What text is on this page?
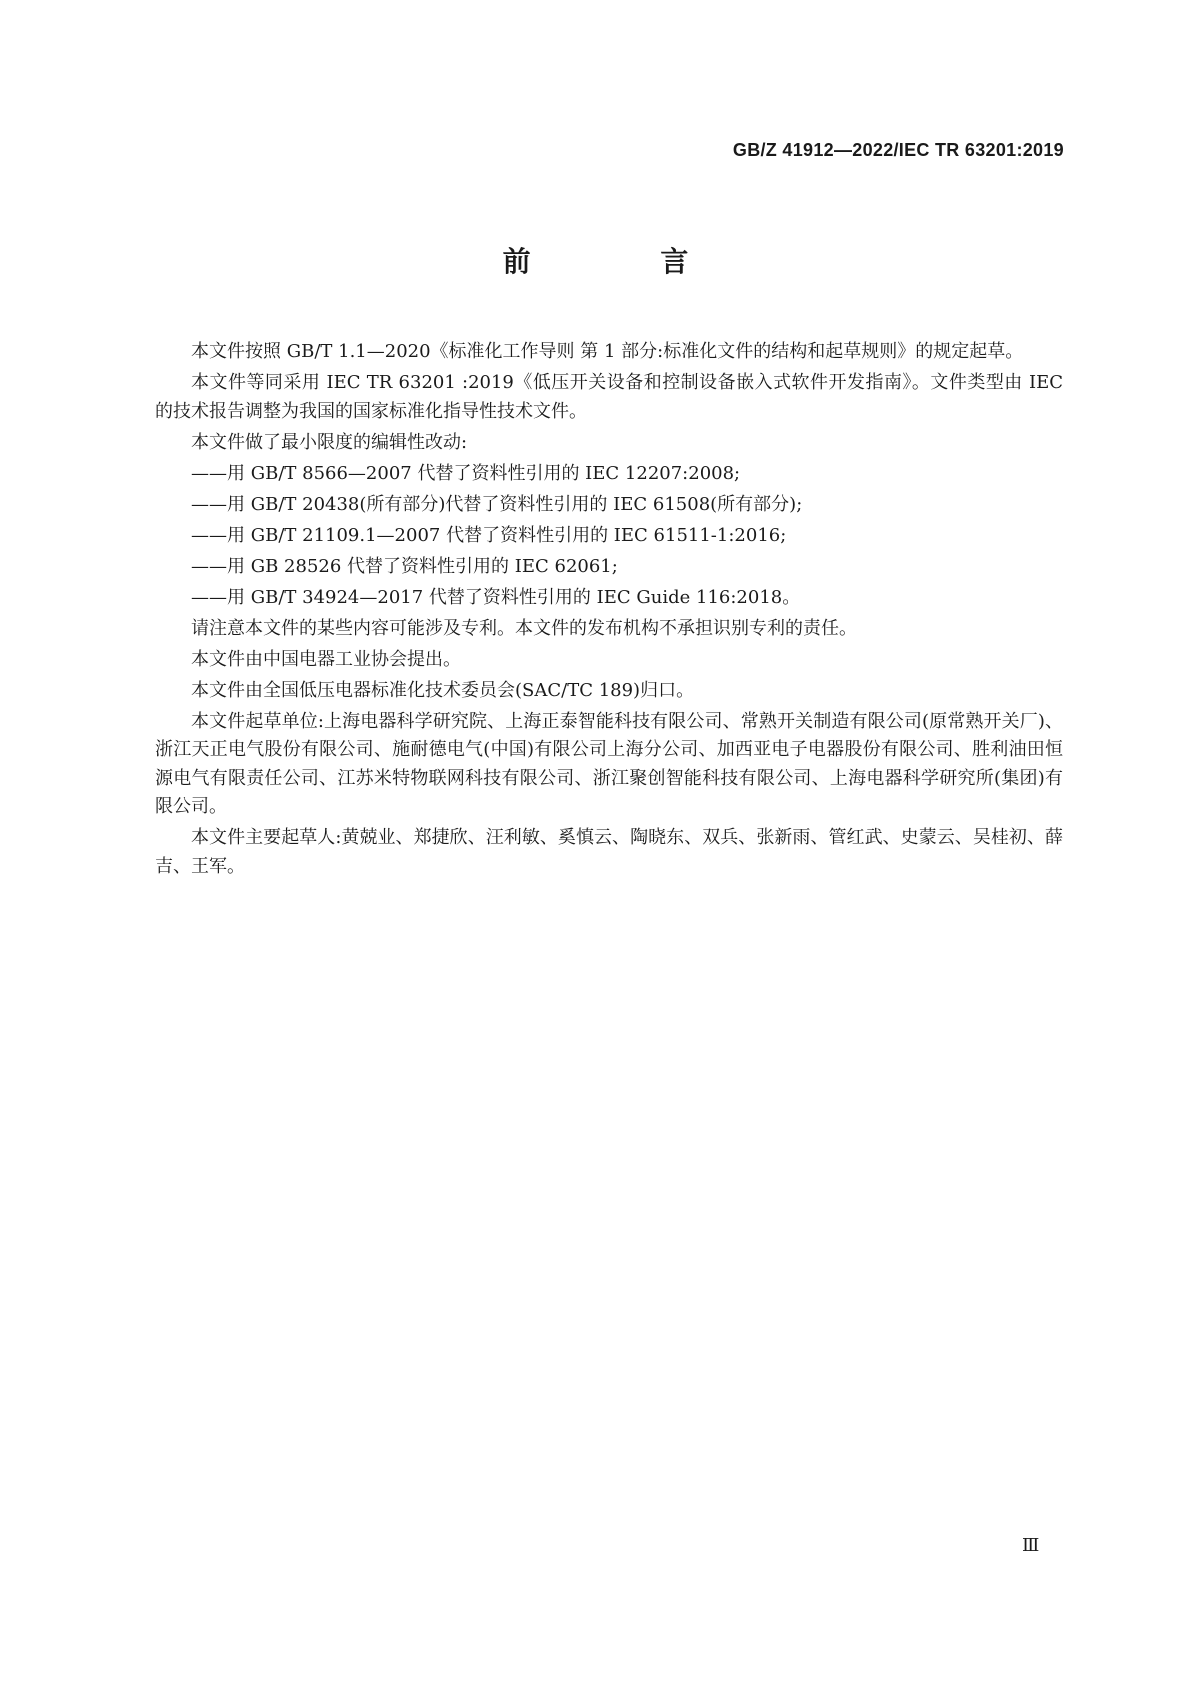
GB/Z 41912—2022/IEC TR 63201:2019
前 言

本文件按照 GB/T 1.1—2020《标准化工作导则 第 1 部分:标准化文件的结构和起草规则》的规定起草。

本文件等同采用 IEC TR 63201 :2019《低压开关设备和控制设备嵌入式软件开发指南》。文件类型由 IEC 的技术报告调整为我国的国家标准化指导性技术文件。

本文件做了最小限度的编辑性改动:

——用 GB/T 8566—2007 代替了资料性引用的 IEC 12207:2008;

——用 GB/T 20438(所有部分)代替了资料性引用的 IEC 61508(所有部分);

——用 GB/T 21109.1—2007 代替了资料性引用的 IEC 61511-1:2016;

——用 GB 28526 代替了资料性引用的 IEC 62061;

——用 GB/T 34924—2017 代替了资料性引用的 IEC Guide 116:2018。

请注意本文件的某些内容可能涉及专利。本文件的发布机构不承担识别专利的责任。

本文件由中国电器工业协会提出。

本文件由全国低压电器标准化技术委员会(SAC/TC 189)归口。

本文件起草单位:上海电器科学研究院、上海正泰智能科技有限公司、常熟开关制造有限公司(原常熟开关厂)、浙江天正电气股份有限公司、施耐德电气(中国)有限公司上海分公司、加西亚电子电器股份有限公司、胜利油田恒源电气有限责任公司、江苏米特物联网科技有限公司、浙江聚创智能科技有限公司、上海电器科学研究所(集团)有限公司。

本文件主要起草人:黄兢业、郑捷欣、汪利敏、奚慎云、陶晓东、双兵、张新雨、管红武、史蒙云、吴桂初、薛吉、王军。

Ⅲ
